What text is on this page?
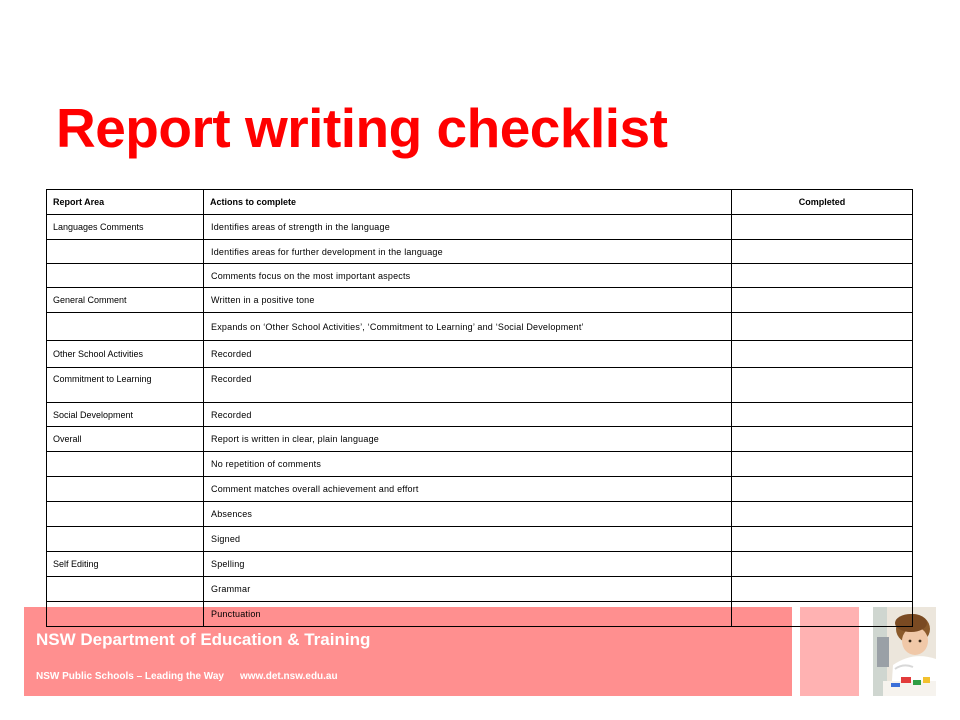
Report writing checklist
NSW Department of Education & Training
NSW Public Schools – Leading the Way www.det.nsw.edu.au
Report Area	Actions to complete	Completed
Languages Comments	Identifies areas of strength in the language	
	Identifies areas for further development in the language	
	Comments focus on the most important aspects	
General Comment	Written in a positive tone	
	Expands on ‘Other School Activities’, ‘Commitment to Learning’ and ‘Social Development’	
Other School Activities	Recorded	
Commitment to Learning	Recorded	
Social Development	Recorded	
Overall	Report is written in clear, plain language	
	No repetition of comments	
	Comment matches overall achievement and effort	
	Absences	
	Signed	
Self Editing	Spelling	
	Grammar	
	Punctuation	
